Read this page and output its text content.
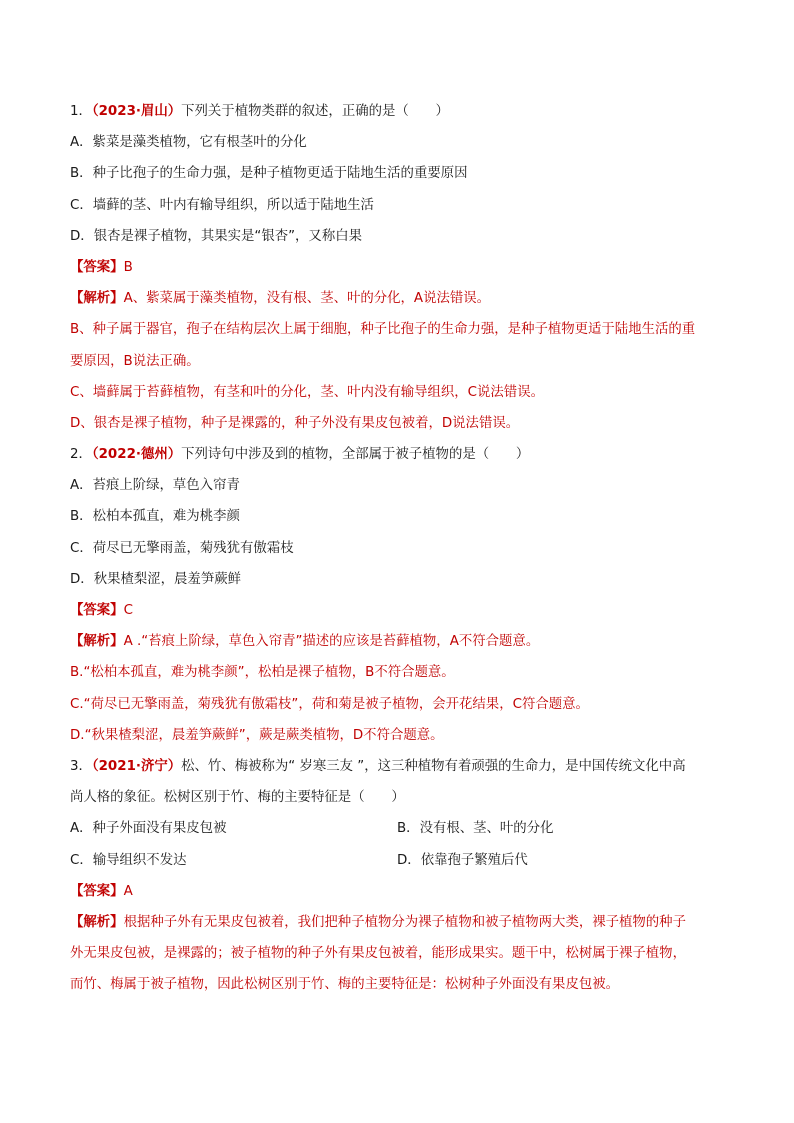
1．（2023·眉山）下列关于植物类群的叙述，正确的是（　　）
A．紫菜是藻类植物，它有根茎叶的分化
B．种子比孢子的生命力强，是种子植物更适于陆地生活的重要原因
C．墙藓的茎、叶内有输导组织，所以适于陆地生活
D．银杏是裸子植物，其果实是“银杏”，又称白果
【答案】B
【解析】A、紫菜属于藻类植物，没有根、茎、叶的分化，A说法错误。
B、种子属于器官，孢子在结构层次上属于细胞，种子比孢子的生命力强，是种子植物更适于陆地生活的重
要原因，B说法正确。
C、墙藓属于苔藓植物，有茎和叶的分化，茎、叶内没有输导组织，C说法错误。
D、银杏是裸子植物，种子是裸露的，种子外没有果皮包被着，D说法错误。
2．（2022·德州）下列诗句中涉及到的植物，全部属于被子植物的是（　　）
A．苔痕上阶绿，草色入帘青
B．松柏本孤直，难为桃李颜
C．荷尽已无擎雨盖，菊残犹有傲霜枝
D．秋果楂梨涩，晨羞笋蕨鲜
【答案】C
【解析】A .“苔痕上阶绿，草色入帘青”描述的应该是苔藓植物，A不符合题意。
B.“松柏本孤直，难为桃李颜”，松柏是裸子植物，B不符合题意。
C.“荷尽已无擎雨盖，菊残犹有傲霜枝”，荷和菊是被子植物，会开花结果，C符合题意。
D.“秋果楂梨涩，晨羞笋蕨鲜”，蕨是蕨类植物，D不符合题意。
3．（2021·济宁）松、竹、梅被称为“ 岁寒三友 ”，这三种植物有着顽强的生命力，是中国传统文化中高
尚人格的象征。松树区别于竹、梅的主要特征是（　　）
A．种子外面没有果皮包被	B．没有根、茎、叶的分化
C．输导组织不发达	D．依靠孢子繁殖后代
【答案】A
【解析】根据种子外有无果皮包被着，我们把种子植物分为裸子植物和被子植物两大类，裸子植物的种子
外无果皮包被，是裸露的；被子植物的种子外有果皮包被着，能形成果实。题干中，松树属于裸子植物，
而竹、梅属于被子植物，因此松树区别于竹、梅的主要特征是：松树种子外面没有果皮包被。
